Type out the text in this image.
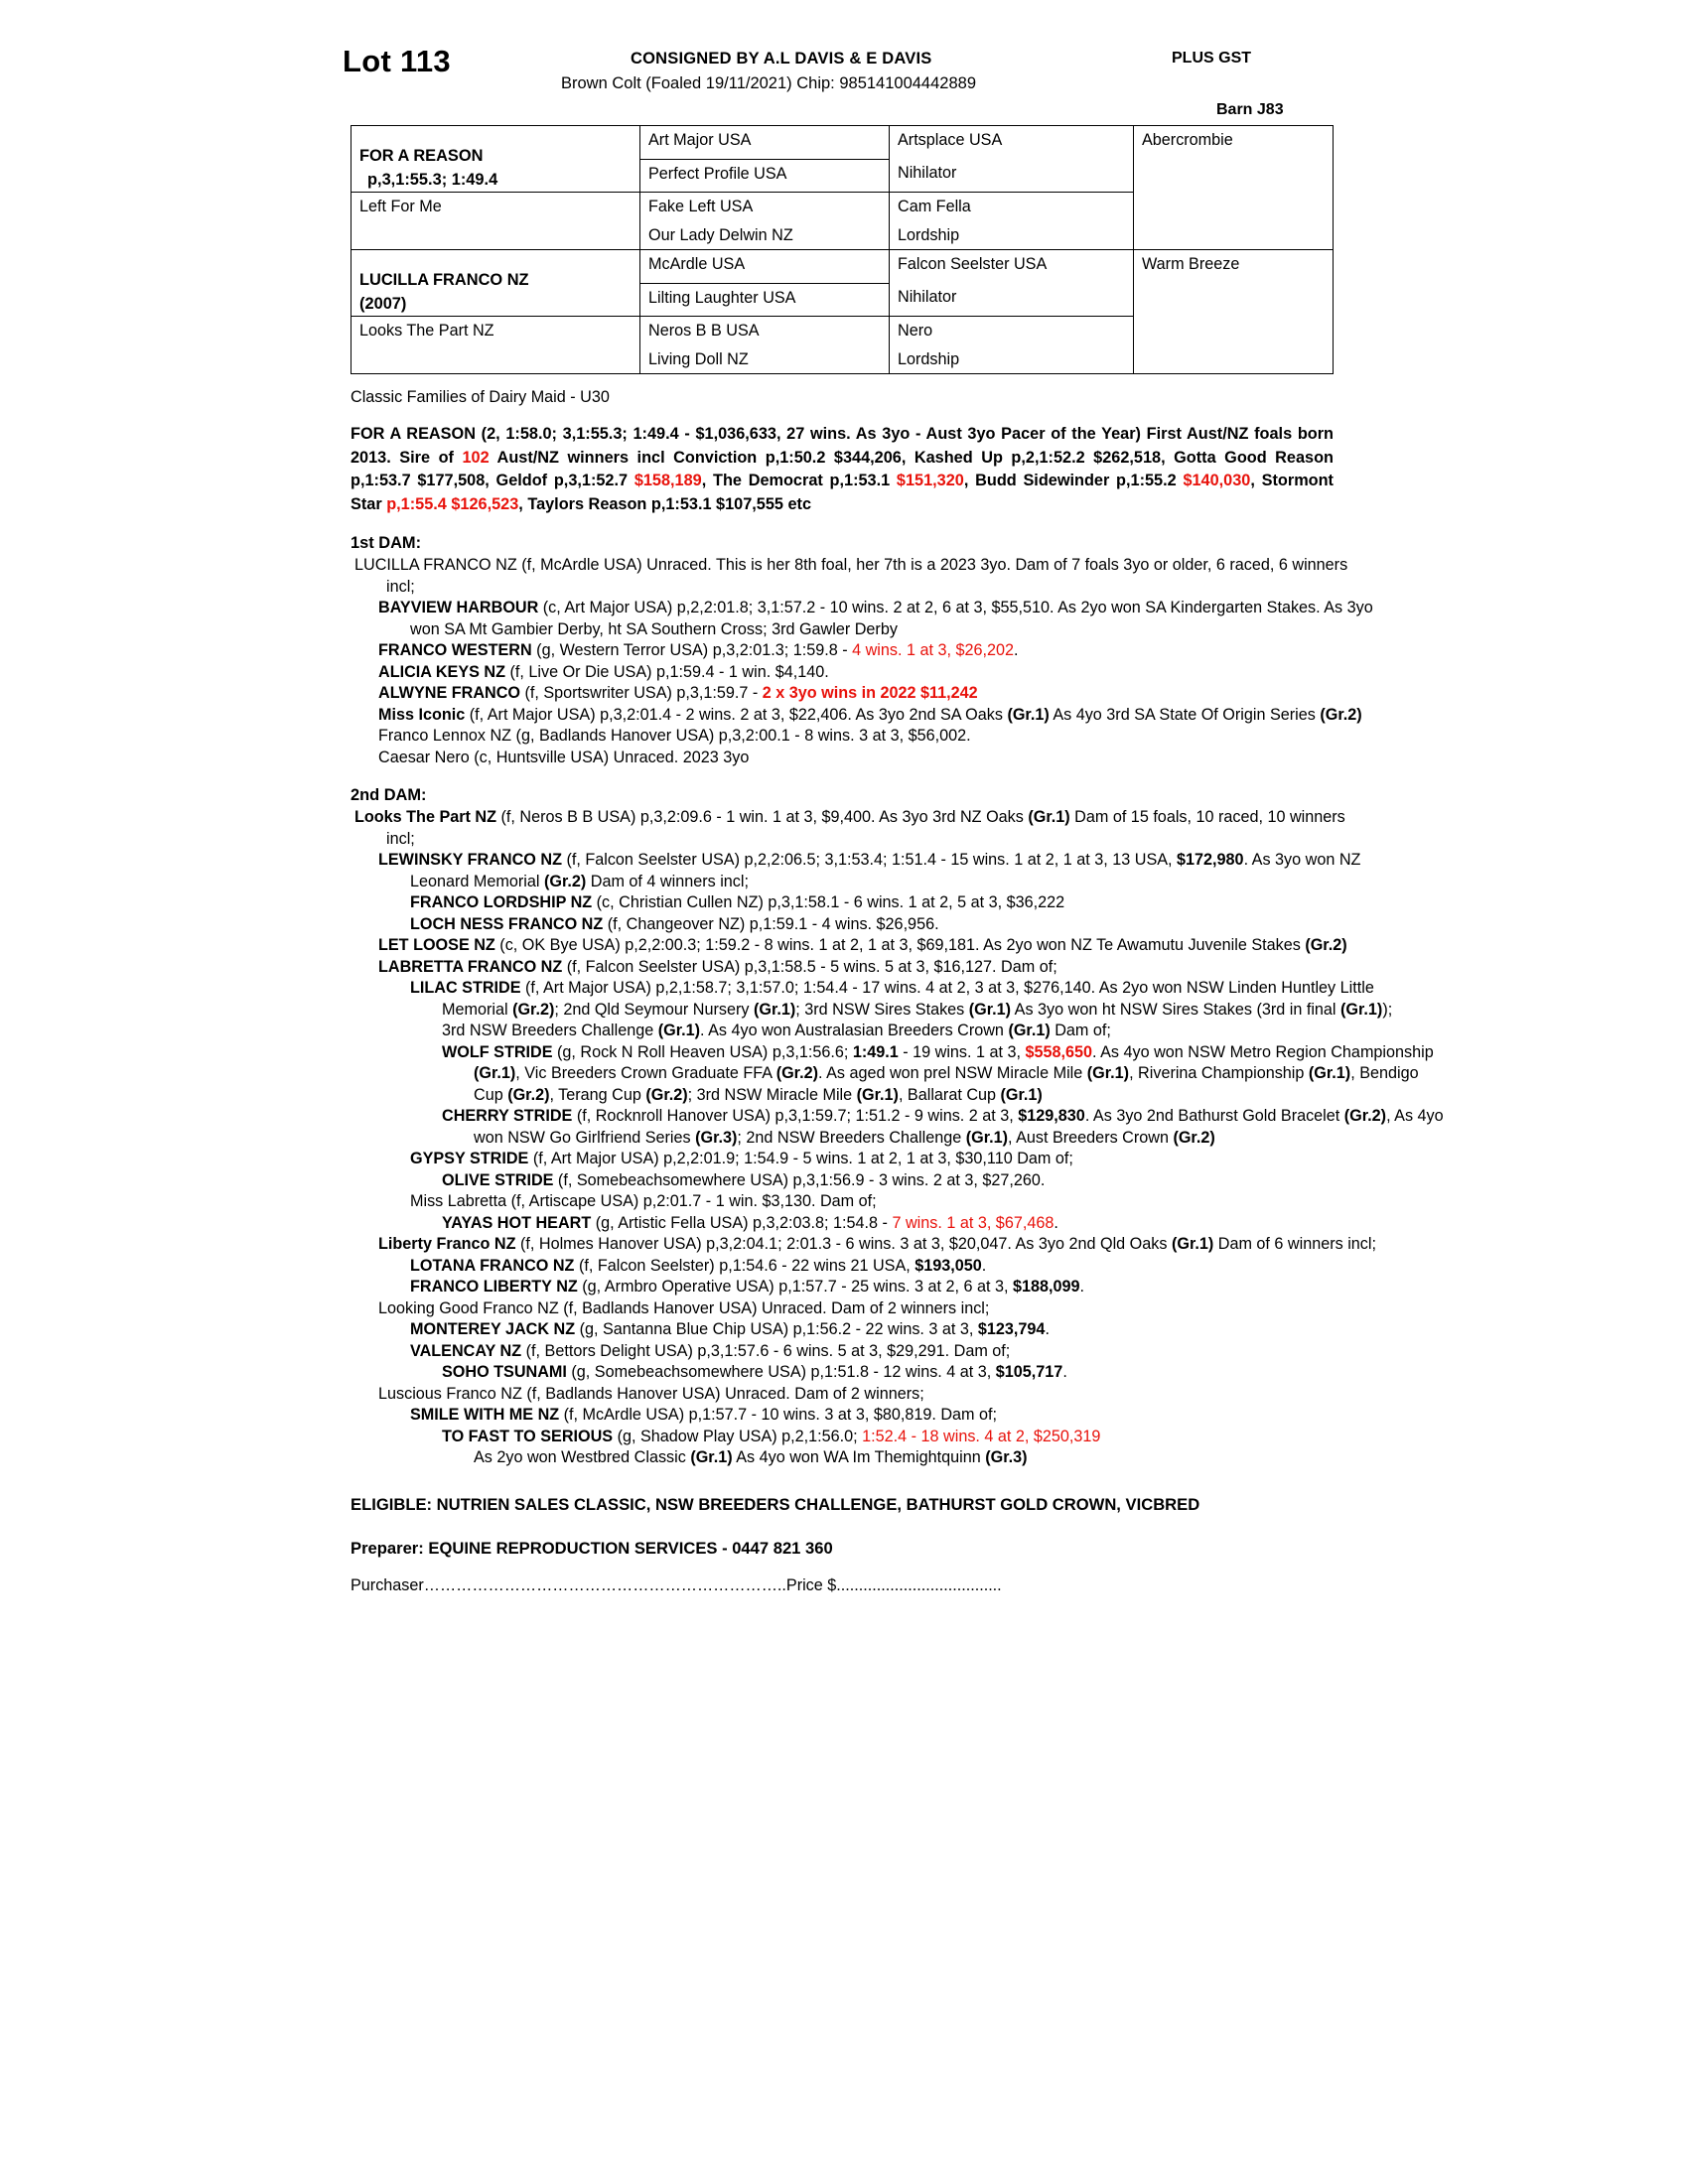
Lot 113	CONSIGNED BY A.L DAVIS & E DAVIS	PLUS GST
Brown Colt (Foaled 19/11/2021) Chip: 985141004442889
Barn J83
FOR A REASON
p,3,1:55.3; 1:49.4	Art Major USA	Artsplace USA	Abercrombie

	Perfect Profile USA	Nihilator	

Left For Me	Fake Left USA	Cam Fella	

	Our Lady Delwin NZ	Lordship	

LUCILLA FRANCO NZ
(2007)	McArdle USA	Falcon Seelster USA	Warm Breeze

	Lilting Laughter USA	Nihilator	

Looks The Part NZ	Neros B B USA	Nero	

	Living Doll NZ	Lordship	
Classic Families of Dairy Maid - U30
FOR A REASON (2, 1:58.0; 3,1:55.3; 1:49.4 - $1,036,633, 27 wins. As 3yo - Aust 3yo Pacer of the Year) First Aust/NZ foals born 2013. Sire of 102 Aust/NZ winners incl Conviction p,1:50.2 $344,206, Kashed Up p,2,1:52.2 $262,518, Gotta Good Reason p,1:53.7 $177,508, Geldof p,3,1:52.7 $158,189, The Democrat p,1:53.1 $151,320, Budd Sidewinder p,1:55.2 $140,030, Stormont Star p,1:55.4 $126,523, Taylors Reason p,1:53.1 $107,555 etc
1st DAM:
LUCILLA FRANCO NZ (f, McArdle USA) Unraced. This is her 8th foal, her 7th is a 2023 3yo. Dam of 7 foals 3yo or older, 6 raced, 6 winners incl;
BAYVIEW HARBOUR (c, Art Major USA) p,2,2:01.8; 3,1:57.2 - 10 wins. 2 at 2, 6 at 3, $55,510. As 2yo won SA Kindergarten Stakes. As 3yo won SA Mt Gambier Derby, ht SA Southern Cross; 3rd Gawler Derby
FRANCO WESTERN (g, Western Terror USA) p,3,2:01.3; 1:59.8 - 4 wins. 1 at 3, $26,202.
ALICIA KEYS NZ (f, Live Or Die USA) p,1:59.4 - 1 win. $4,140.
ALWYNE FRANCO (f, Sportswriter USA) p,3,1:59.7 - 2 x 3yo wins in 2022 $11,242
Miss Iconic (f, Art Major USA) p,3,2:01.4 - 2 wins. 2 at 3, $22,406. As 3yo 2nd SA Oaks (Gr.1) As 4yo 3rd SA State Of Origin Series (Gr.2)
Franco Lennox NZ (g, Badlands Hanover USA) p,3,2:00.1 - 8 wins. 3 at 3, $56,002.
Caesar Nero (c, Huntsville USA) Unraced. 2023 3yo
2nd DAM:
Looks The Part NZ (f, Neros B B USA) p,3,2:09.6 - 1 win. 1 at 3, $9,400. As 3yo 3rd NZ Oaks (Gr.1) Dam of 15 foals, 10 raced, 10 winners incl;
LEWINSKY FRANCO NZ (f, Falcon Seelster USA) p,2,2:06.5; 3,1:53.4; 1:51.4 - 15 wins. 1 at 2, 1 at 3, 13 USA, $172,980. As 3yo won NZ Leonard Memorial (Gr.2) Dam of 4 winners incl;
FRANCO LORDSHIP NZ (c, Christian Cullen NZ) p,3,1:58.1 - 6 wins. 1 at 2, 5 at 3, $36,222
LOCH NESS FRANCO NZ (f, Changeover NZ) p,1:59.1 - 4 wins. $26,956.
LET LOOSE NZ (c, OK Bye USA) p,2,2:00.3; 1:59.2 - 8 wins. 1 at 2, 1 at 3, $69,181. As 2yo won NZ Te Awamutu Juvenile Stakes (Gr.2)
LABRETTA FRANCO NZ (f, Falcon Seelster USA) p,3,1:58.5 - 5 wins. 5 at 3, $16,127. Dam of;
LILAC STRIDE (f, Art Major USA) p,2,1:58.7; 3,1:57.0; 1:54.4 - 17 wins. 4 at 2, 3 at 3, $276,140. As 2yo won NSW Linden Huntley Little Memorial (Gr.2); 2nd Qld Seymour Nursery (Gr.1); 3rd NSW Sires Stakes (Gr.1) As 3yo won ht NSW Sires Stakes (3rd in final (Gr.1)); 3rd NSW Breeders Challenge (Gr.1). As 4yo won Australasian Breeders Crown (Gr.1) Dam of;
WOLF STRIDE (g, Rock N Roll Heaven USA) p,3,1:56.6; 1:49.1 - 19 wins. 1 at 3, $558,650. As 4yo won NSW Metro Region Championship (Gr.1), Vic Breeders Crown Graduate FFA (Gr.2). As aged won prel NSW Miracle Mile (Gr.1), Riverina Championship (Gr.1), Bendigo Cup (Gr.2), Terang Cup (Gr.2); 3rd NSW Miracle Mile (Gr.1), Ballarat Cup (Gr.1)
CHERRY STRIDE (f, Rocknroll Hanover USA) p,3,1:59.7; 1:51.2 - 9 wins. 2 at 3, $129,830. As 3yo 2nd Bathurst Gold Bracelet (Gr.2), As 4yo won NSW Go Girlfriend Series (Gr.3); 2nd NSW Breeders Challenge (Gr.1), Aust Breeders Crown (Gr.2)
GYPSY STRIDE (f, Art Major USA) p,2,2:01.9; 1:54.9 - 5 wins. 1 at 2, 1 at 3, $30,110 Dam of;
OLIVE STRIDE (f, Somebeachsomewhere USA) p,3,1:56.9 - 3 wins. 2 at 3, $27,260.
Miss Labretta (f, Artiscape USA) p,2:01.7 - 1 win. $3,130. Dam of;
YAYAS HOT HEART (g, Artistic Fella USA) p,3,2:03.8; 1:54.8 - 7 wins. 1 at 3, $67,468.
Liberty Franco NZ (f, Holmes Hanover USA) p,3,2:04.1; 2:01.3 - 6 wins. 3 at 3, $20,047. As 3yo 2nd Qld Oaks (Gr.1) Dam of 6 winners incl;
LOTANA FRANCO NZ (f, Falcon Seelster) p,1:54.6 - 22 wins 21 USA, $193,050.
FRANCO LIBERTY NZ (g, Armbro Operative USA) p,1:57.7 - 25 wins. 3 at 2, 6 at 3, $188,099.
Looking Good Franco NZ (f, Badlands Hanover USA) Unraced. Dam of 2 winners incl;
MONTEREY JACK NZ (g, Santanna Blue Chip USA) p,1:56.2 - 22 wins. 3 at 3, $123,794.
VALENCAY NZ (f, Bettors Delight USA) p,3,1:57.6 - 6 wins. 5 at 3, $29,291. Dam of;
SOHO TSUNAMI (g, Somebeachsomewhere USA) p,1:51.8 - 12 wins. 4 at 3, $105,717.
Luscious Franco NZ (f, Badlands Hanover USA) Unraced. Dam of 2 winners;
SMILE WITH ME NZ (f, McArdle USA) p,1:57.7 - 10 wins. 3 at 3, $80,819. Dam of;
TO FAST TO SERIOUS (g, Shadow Play USA) p,2,1:56.0; 1:52.4 - 18 wins. 4 at 2, $250,319
As 2yo won Westbred Classic (Gr.1) As 4yo won WA Im Themightquinn (Gr.3)
ELIGIBLE: NUTRIEN SALES CLASSIC, NSW BREEDERS CHALLENGE, BATHURST GOLD CROWN, VICBRED
Preparer: EQUINE REPRODUCTION SERVICES - 0447 821 360
Purchaser…………………………………………………………..Price $.....................................
